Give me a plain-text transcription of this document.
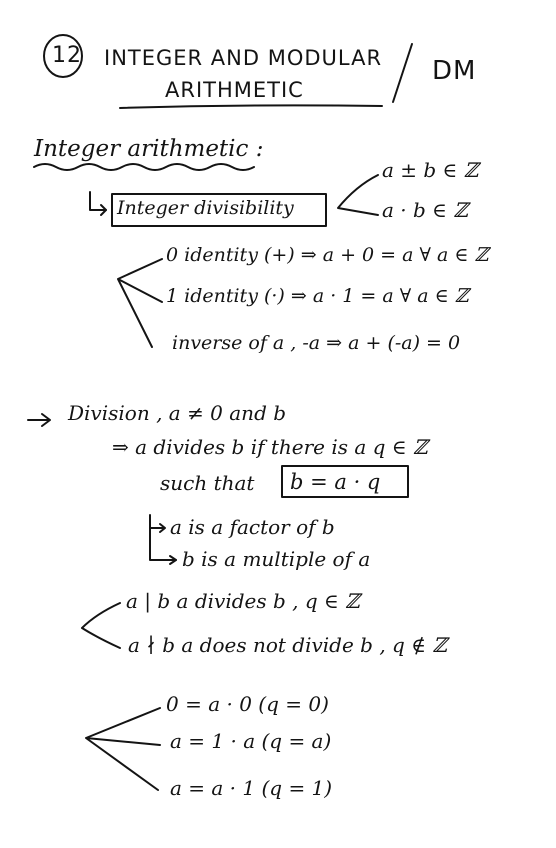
12 INTEGER AND MODULAR
ARITHMETIC
DM
Integer arithmetic :
Integer divisibility
a ± b ∈ ℤ
a · b ∈ ℤ
0 identity (+) ⇒ a + 0 = a ∀ a ∈ ℤ
1 identity (·) ⇒ a · 1 = a ∀ a ∈ ℤ
inverse of a , -a ⇒ a + (-a) = 0
Division , a ≠ 0 and b
⇒ a divides b if there is a q ∈ ℤ
such that b = a · q
a is a factor of b
b is a multiple of a
a | b a divides b , q ∈ ℤ
a ∤ b a does not divide b , q ∉ ℤ
0 = a · 0 (q = 0)
a = 1 · a (q = a)
a = a · 1 (q = 1)
